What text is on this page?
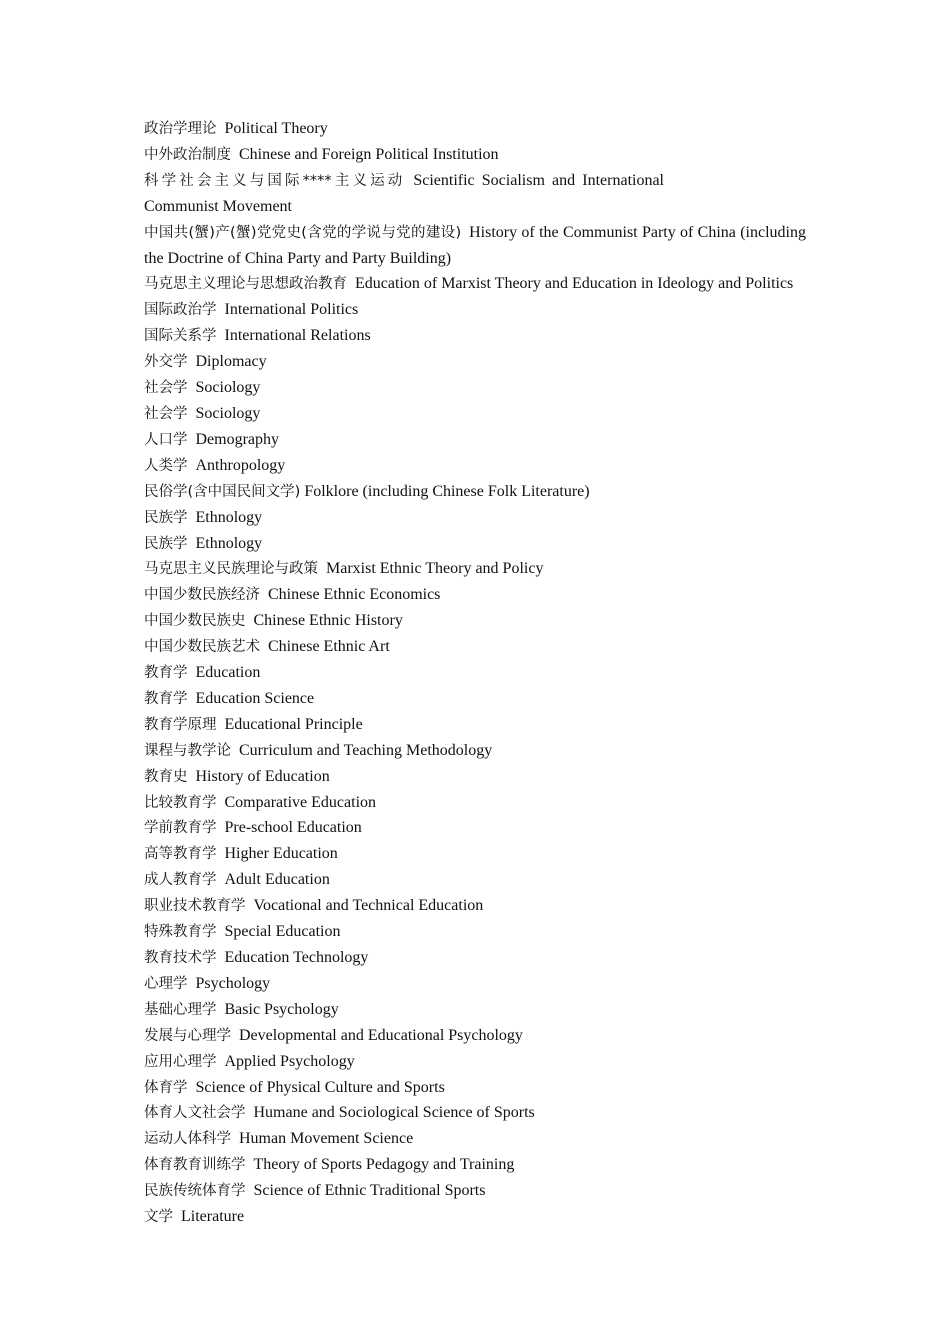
政治学理论 Political Theory
中外政治制度 Chinese and Foreign Political Institution
科学社会主义与国际****主义运动 Scientific Socialism and International Communist Movement
中国共(蟹)产(蟹)党党史(含党的学说与党的建设) History of the Communist Party of China (including the Doctrine of China Party and Party Building)
马克思主义理论与思想政治教育 Education of Marxist Theory and Education in Ideology and Politics
国际政治学 International Politics
国际关系学 International Relations
外交学 Diplomacy
社会学 Sociology
社会学 Sociology
人口学 Demography
人类学 Anthropology
民俗学(含中国民间文学) Folklore (including Chinese Folk Literature)
民族学 Ethnology
民族学 Ethnology
马克思主义民族理论与政策 Marxist Ethnic Theory and Policy
中国少数民族经济 Chinese Ethnic Economics
中国少数民族史 Chinese Ethnic History
中国少数民族艺术 Chinese Ethnic Art
教育学 Education
教育学 Education Science
教育学原理 Educational Principle
课程与教学论 Curriculum and Teaching Methodology
教育史 History of Education
比较教育学 Comparative Education
学前教育学 Pre-school Education
高等教育学 Higher Education
成人教育学 Adult Education
职业技术教育学 Vocational and Technical Education
特殊教育学 Special Education
教育技术学 Education Technology
心理学 Psychology
基础心理学 Basic Psychology
发展与心理学 Developmental and Educational Psychology
应用心理学 Applied Psychology
体育学 Science of Physical Culture and Sports
体育人文社会学 Humane and Sociological Science of Sports
运动人体科学 Human Movement Science
体育教育训练学 Theory of Sports Pedagogy and Training
民族传统体育学 Science of Ethnic Traditional Sports
文学 Literature
